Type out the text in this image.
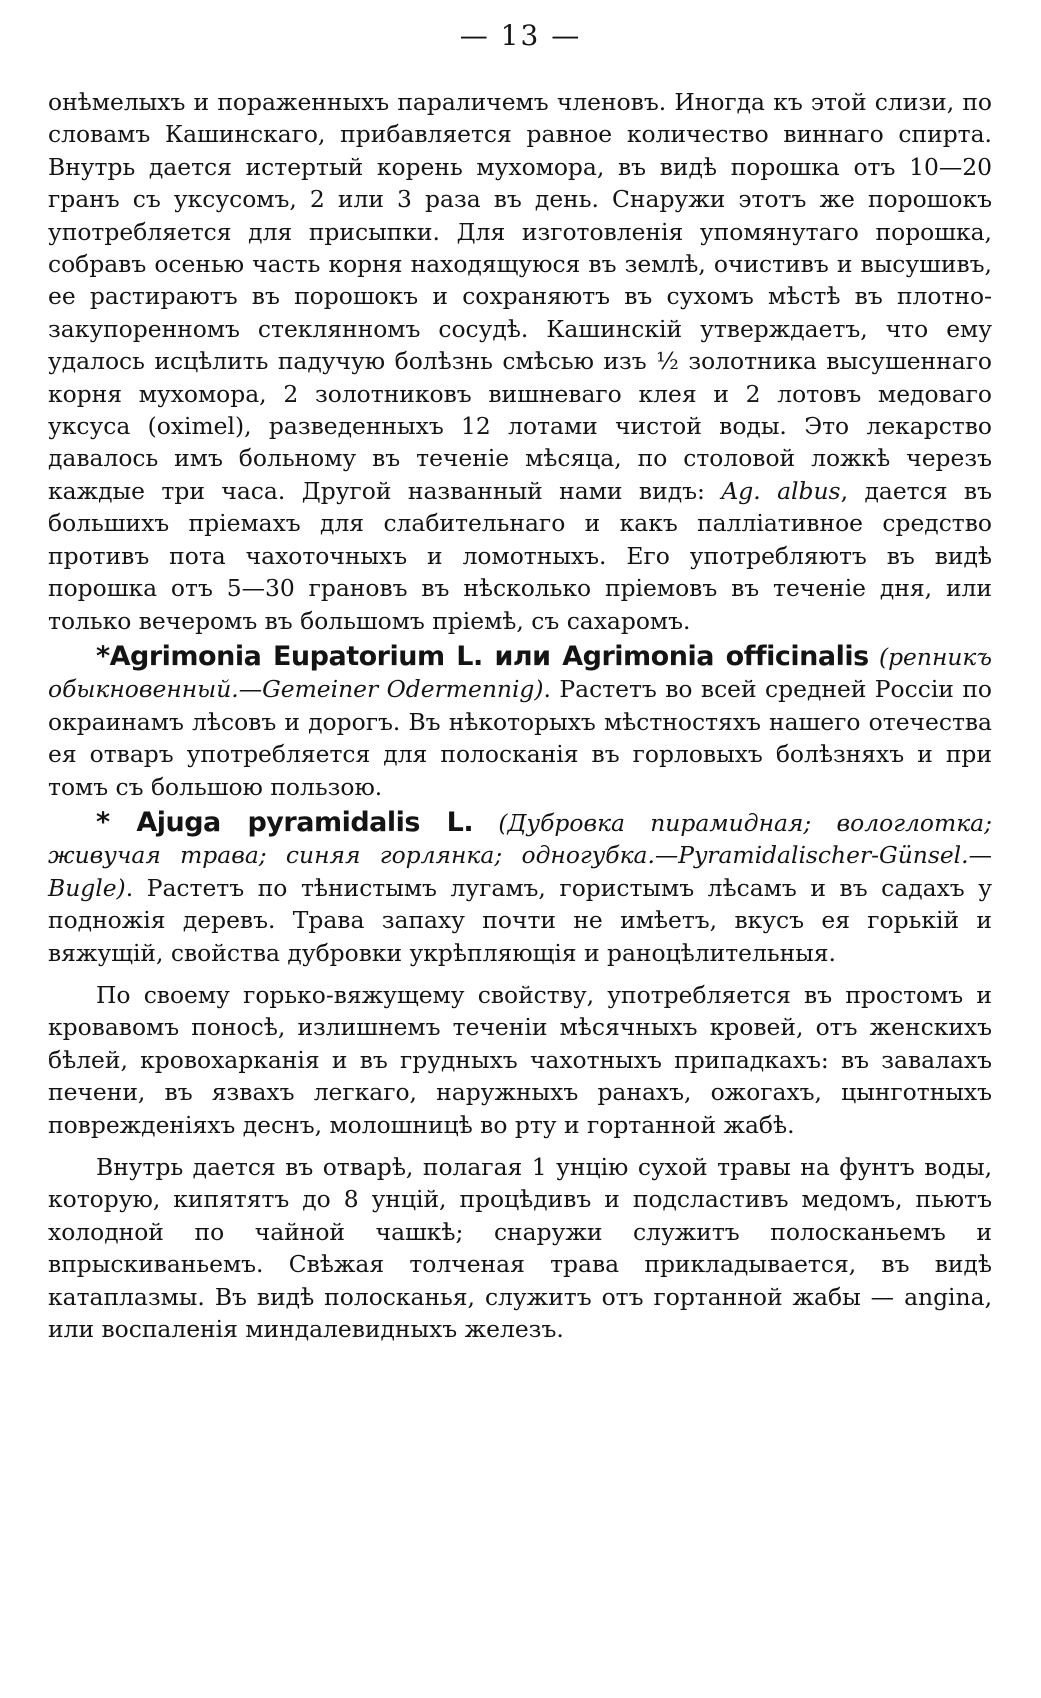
— 13 —

онѣмелыхъ и пораженныхъ параличемъ членовъ. Иногда къ этой слизи, по словамъ Кашинскаго, прибавляется равное количество виннаго спирта. Внутрь дается истертый корень мухомора, въ видѣ порошка отъ 10—20 гранъ съ уксусомъ, 2 или 3 раза въ день. Снаружи этотъ же порошокъ употребляется для присыпки. Для изготовленія упомянутаго порошка, собравъ осенью часть корня находящуюся въ землѣ, очистивъ и высушивъ, ее растираютъ въ порошокъ и сохраняютъ въ сухомъ мѣстѣ въ плотно-закупоренномъ стеклянномъ сосудѣ. Кашинскій утверждаетъ, что ему удалось исцѣлить падучую болѣзнь смѣсью изъ ½ золотника высушеннаго корня мухомора, 2 золотниковъ вишневаго клея и 2 лотовъ медоваго уксуса (oximel), разведенныхъ 12 лотами чистой воды. Это лекарство давалось имъ больному въ теченіе мѣсяца, по столовой ложкѣ черезъ каждые три часа. Другой названный нами видъ: Ag. albus, дается въ большихъ пріемахъ для слабительнаго и какъ палліативное средство противъ пота чахоточныхъ и ломотныхъ. Его употребляютъ въ видѣ порошка отъ 5—30 грановъ въ нѣсколько пріемовъ въ теченіе дня, или только вечеромъ въ большомъ пріемѣ, съ сахаромъ.

*Agrimonia Eupatorium L. или Agrimonia officinalis (репникъ обыкновенный.—Gemeiner Odermennig). Растетъ во всей средней Россіи по окраинамъ лѣсовъ и дорогъ. Въ нѣкоторыхъ мѣстностяхъ нашего отечества ея отваръ употребляется для полосканія въ горловыхъ болѣзняхъ и при томъ съ большою пользою.

* Ajuga pyramidalis L. (Дубровка пирамидная; вологлотка; живучая трава; синяя горлянка; одногубка.—Pyramidalischer-Günsel.—Bugle). Растетъ по тѣнистымъ лугамъ, гористымъ лѣсамъ и въ садахъ у подножія деревъ. Трава запаху почти не имѣетъ, вкусъ ея горькій и вяжущій, свойства дубровки укрѣпляющія и ранoцѣлительныя.

По своему горько-вяжущему свойству, употребляется въ простомъ и кровавомъ поносѣ, излишнемъ теченіи мѣсячныхъ кровей, отъ женскихъ бѣлей, кровохарканія и въ грудныхъ чахотныхъ припадкахъ: въ завалахъ печени, въ язвахъ легкаго, наружныхъ ранахъ, ожогахъ, цынготныхъ поврежденіяхъ деснъ, молошницѣ во рту и гортанной жабѣ.

Внутрь дается въ отварѣ, полагая 1 унцію сухой травы на фунтъ воды, которую, кипятятъ до 8 унцій, процѣдивъ и подсластивъ медомъ, пьютъ холодной по чайной чашкѣ; снаружи служитъ полосканьемъ и впрыскиваньемъ. Свѣжая толченая трава прикладывается, въ видѣ катаплазмы. Въ видѣ полосканья, служитъ отъ гортанной жабы — angina, или воспаленія миндалевидныхъ железъ.
